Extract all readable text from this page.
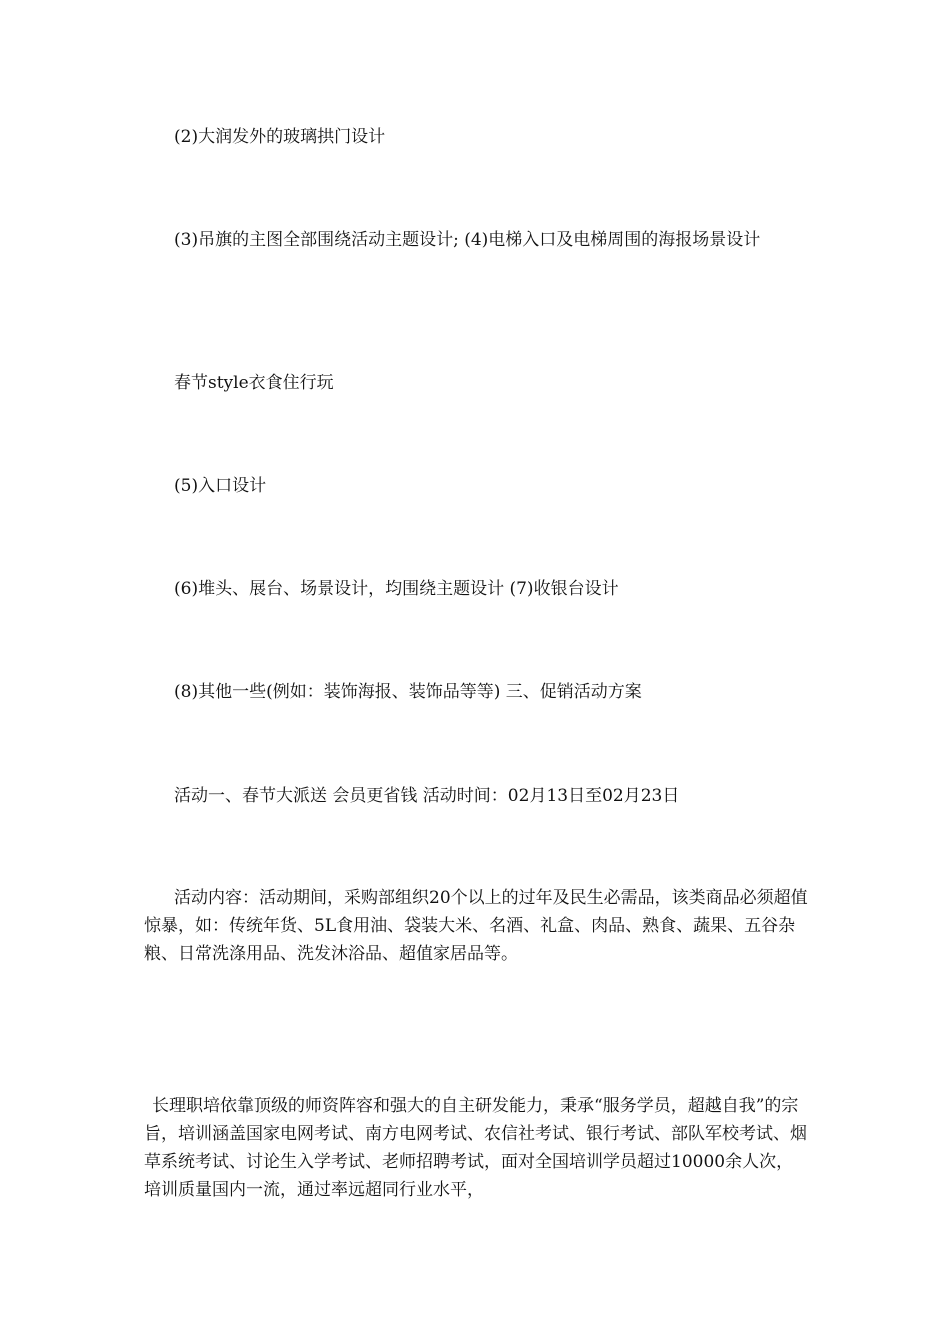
(2)大润发外的玻璃拱门设计

(3)吊旗的主图全部围绕活动主题设计; (4)电梯入口及电梯周围的海报场景设计

春节style衣食住行玩

(5)入口设计

(6)堆头、展台、场景设计，均围绕主题设计 (7)收银台设计

(8)其他一些(例如：装饰海报、装饰品等等) 三、促销活动方案

活动一、春节大派送 会员更省钱 活动时间：02月13日至02月23日

活动内容：活动期间，采购部组织20个以上的过年及民生必需品，该类商品必须超值惊暴，如：传统年货、5L食用油、袋装大米、名酒、礼盒、肉品、熟食、蔬果、五谷杂粮、日常洗涤用品、洗发沐浴品、超值家居品等。

长理职培依靠顶级的师资阵容和强大的自主研发能力，秉承“服务学员，超越自我”的宗旨，培训涵盖国家电网考试、南方电网考试、农信社考试、银行考试、部队军校考试、烟草系统考试、讨论生入学考试、老师招聘考试，面对全国培训学员超过10000余人次，培训质量国内一流，通过率远超同行业水平，
